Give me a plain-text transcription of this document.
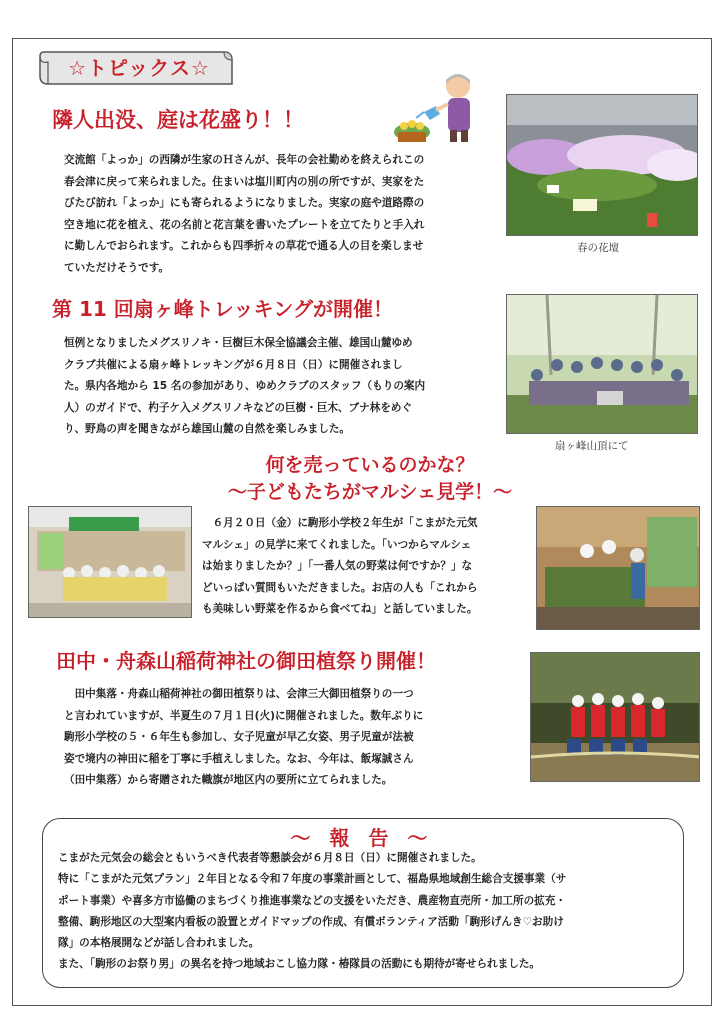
☆トピックス☆
隣人出没、庭は花盛り！！
交流館「よっか」の西隣が生家のＨさんが、長年の会社勤めを終えられこの
春会津に戻って来られました。住まいは塩川町内の別の所ですが、実家をた
びたび訪れ「よっか」にも寄られるようになりました。実家の庭や道路際の
空き地に花を植え、花の名前と花言葉を書いたプレートを立てたりと手入れ
に勤しんでおられます。これからも四季折々の草花で通る人の目を楽しませ
ていただけそうです。
春の花壇
第 11 回扇ヶ峰トレッキングが開催！
恒例となりましたメグスリノキ・巨樹巨木保全協議会主催、雄国山麓ゆめ
クラブ共催による扇ヶ峰トレッキングが６月８日（日）に開催されまし
た。県内各地から 15 名の参加があり、ゆめクラブのスタッフ（もりの案内
人）のガイドで、杓子ケ入メグスリノキなどの巨樹・巨木、ブナ林をめぐ
り、野鳥の声を聞きながら雄国山麓の自然を楽しみました。
扇ヶ峰山頂にて
何を売っているのかな？
～子どもたちがマルシェ見学！～
　６月２０日（金）に駒形小学校２年生が「こまがた元気
マルシェ」の見学に来てくれました。「いつからマルシェ
は始まりましたか？」「一番人気の野菜は何ですか？」な
どいっぱい質問もいただきました。お店の人も「これから
も美味しい野菜を作るから食べてね」と話していました。
田中・舟森山稲荷神社の御田植祭り開催！
　田中集落・舟森山稲荷神社の御田植祭りは、会津三大御田植祭りの一つ
と言われていますが、半夏生の７月１日(火)に開催されました。数年ぶりに
駒形小学校の５・６年生も参加し、女子児童が早乙女姿、男子児童が法被
姿で境内の神田に稲を丁寧に手植えしました。なお、今年は、飯塚誠さん
（田中集落）から寄贈された幟旗が地区内の要所に立てられました。
～ 報 告 ～
こまがた元気会の総会ともいうべき代表者等懇談会が６月８日（日）に開催されました。
特に「こまがた元気プラン」２年目となる令和７年度の事業計画として、福島県地域創生総合支援事業（サ
ポート事業）や喜多方市協働のまちづくり推進事業などの支援をいただき、農産物直売所・加工所の拡充・
整備、駒形地区の大型案内看板の設置とガイドマップの作成、有償ボランティア活動「駒形げんき♡お助け
隊」の本格展開などが話し合われました。
また、「駒形のお祭り男」の異名を持つ地域おこし協力隊・椿隊員の活動にも期待が寄せられました。
